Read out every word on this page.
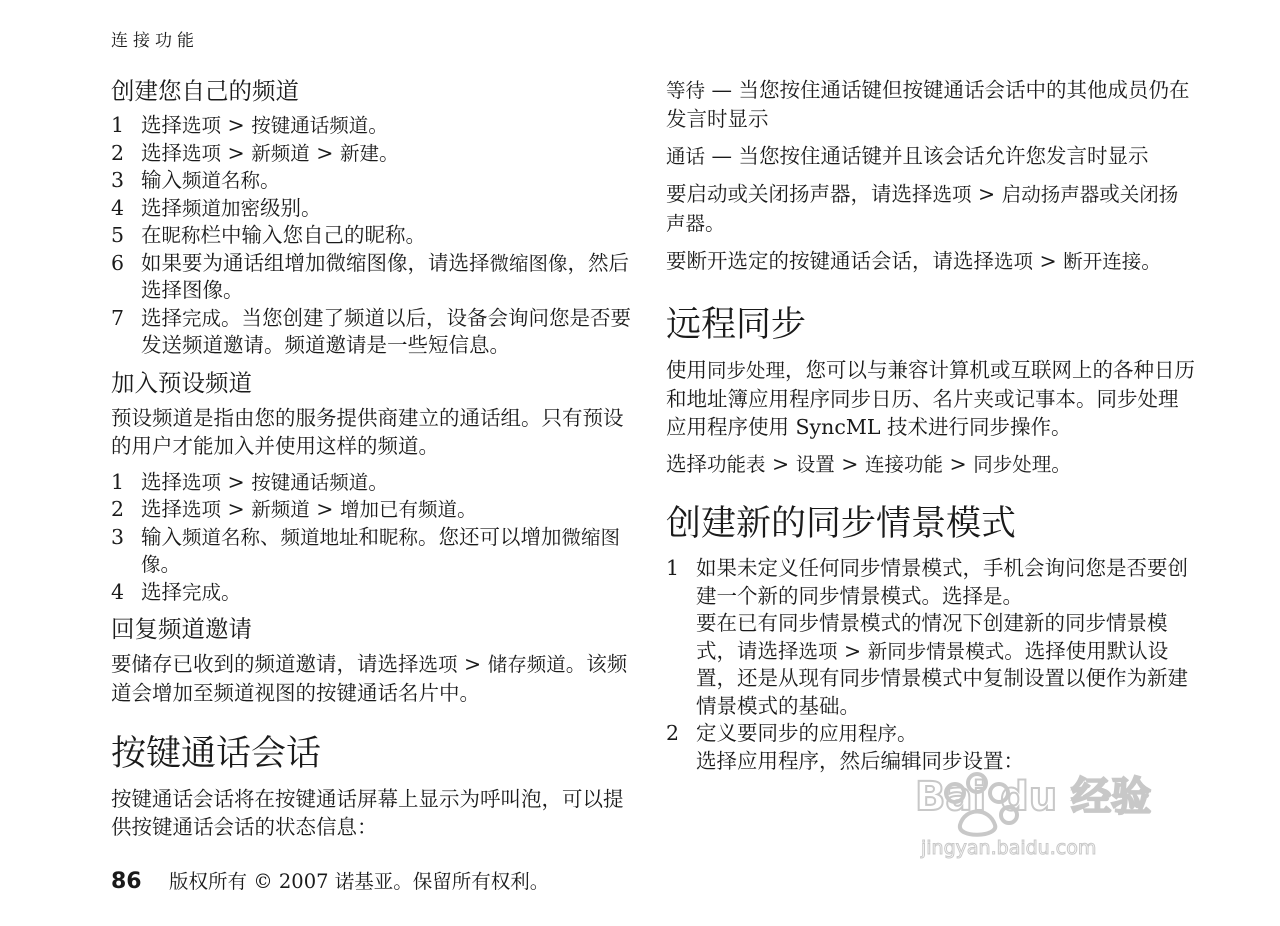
连接功能
创建您自己的频道
1 选择选项 > 按键通话频道。
2 选择选项 > 新频道 > 新建。
3 输入频道名称。
4 选择频道加密级别。
5 在昵称栏中输入您自己的昵称。
6 如果要为通话组增加微缩图像，请选择微缩图像，然后选择图像。
7 选择完成。当您创建了频道以后，设备会询问您是否要发送频道邀请。频道邀请是一些短信息。
加入预设频道

预设频道是指由您的服务提供商建立的通话组。只有预设的用户才能加入并使用这样的频道。

1 选择选项 > 按键通话频道。
2 选择选项 > 新频道 > 增加已有频道。
3 输入频道名称、频道地址和昵称。您还可以增加微缩图像。
4 选择完成。
回复频道邀请

要储存已收到的频道邀请，请选择选项 > 储存频道。该频道会增加至频道视图的按键通话名片中。

按键通话会话

按键通话会话将在按键通话屏幕上显示为呼叫泡，可以提供按键通话会话的状态信息：

等待 — 当您按住通话键但按键通话会话中的其他成员仍在发言时显示

通话 — 当您按住通话键并且该会话允许您发言时显示

要启动或关闭扬声器，请选择选项 > 启动扬声器或关闭扬声器。

要断开选定的按键通话会话，请选择选项 > 断开连接。

远程同步

使用同步处理，您可以与兼容计算机或互联网上的各种日历和地址簿应用程序同步日历、名片夹或记事本。同步处理应用程序使用 SyncML 技术进行同步操作。

选择功能表 > 设置 > 连接功能 > 同步处理。

创建新的同步情景模式
1 如果未定义任何同步情景模式，手机会询问您是否要创建一个新的同步情景模式。选择是。
要在已有同步情景模式的情况下创建新的同步情景模式，请选择选项 > 新同步情景模式。选择使用默认设置，还是从现有同步情景模式中复制设置以便作为新建情景模式的基础。
2 定义要同步的应用程序。
选择应用程序，然后编辑同步设置：
86 版权所有 © 2007 诺基亚。保留所有权利。
Bai du 经验
jingyan.baidu.com
